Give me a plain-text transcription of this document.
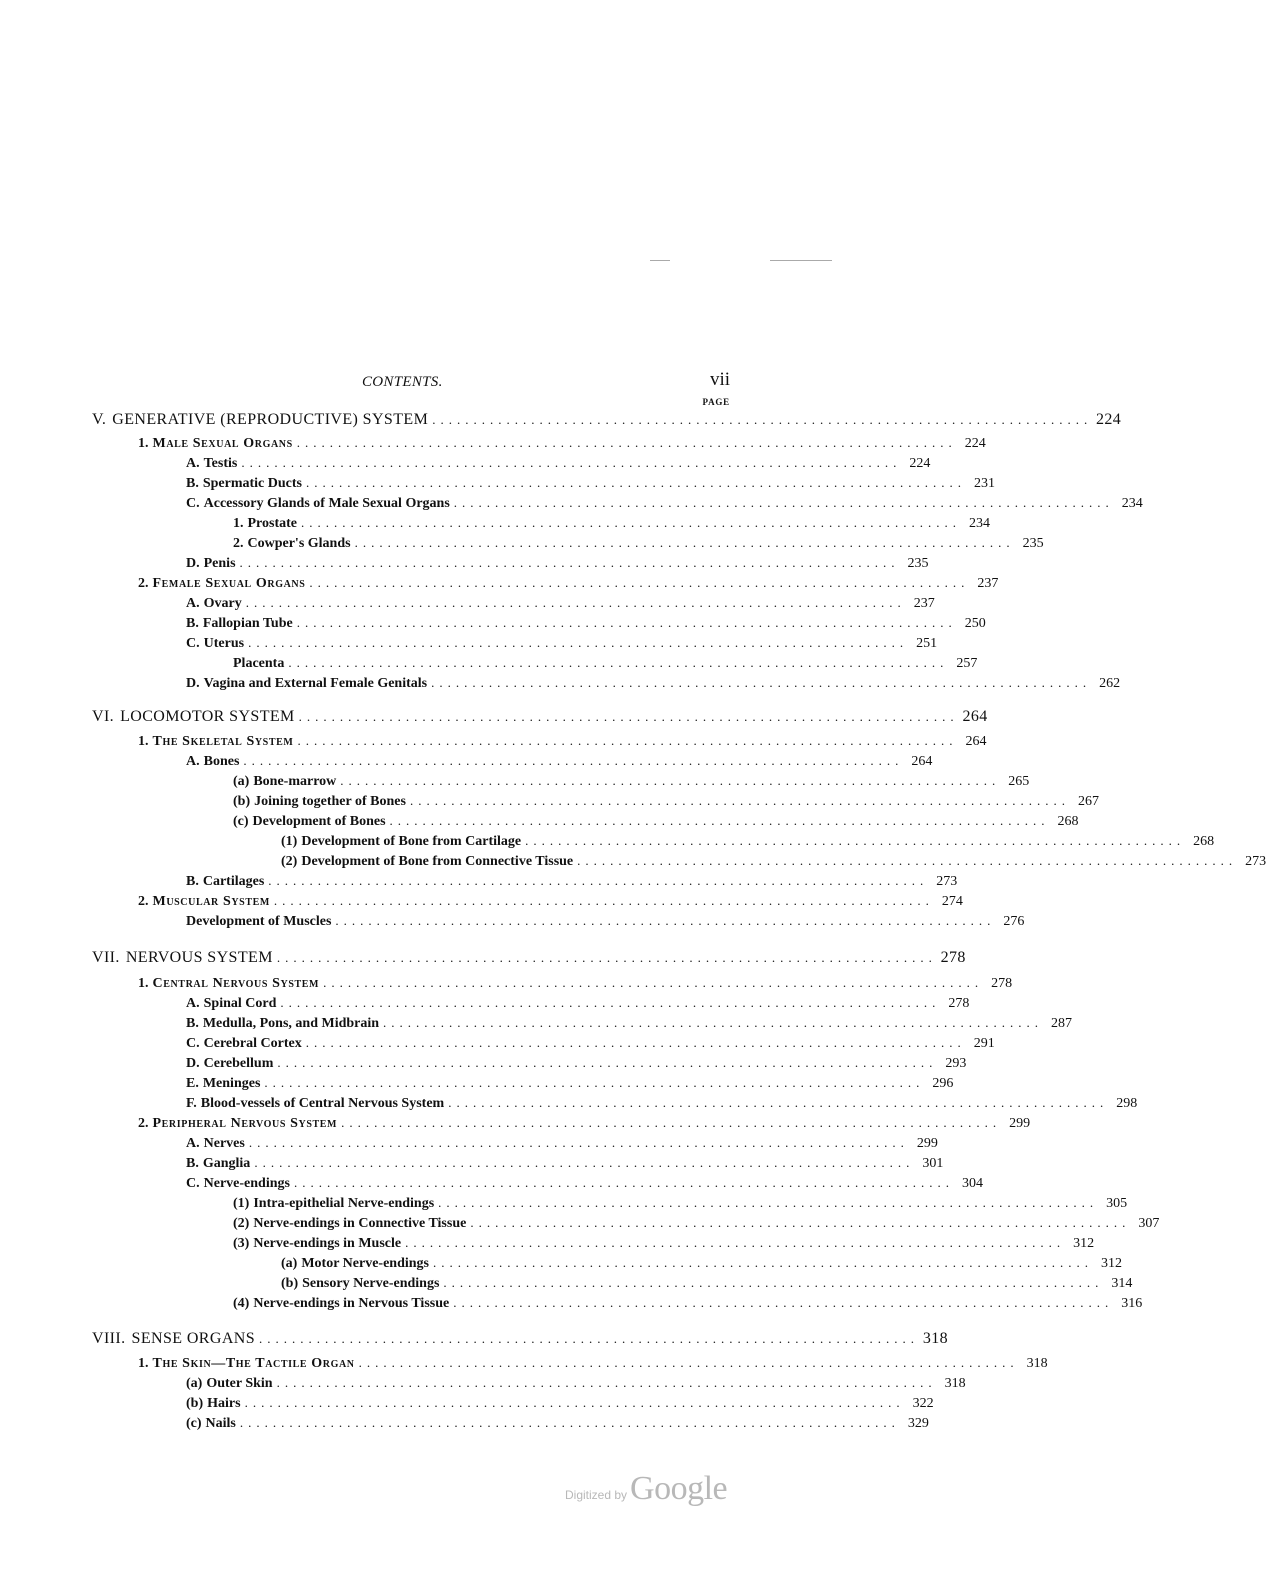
CONTENTS.	vii
PAGE
V. GENERATIVE (REPRODUCTIVE) SYSTEM ................................................................................ 224
1. Male Sexual Organs ................................................................................ 224
A. Testis ................................................................................ 224
B. Spermatic Ducts ................................................................................ 231
C. Accessory Glands of Male Sexual Organs ................................................................................ 234
1. Prostate ................................................................................ 234
2. Cowper's Glands ................................................................................ 235
D. Penis ................................................................................ 235
2. Female Sexual Organs ................................................................................ 237
A. Ovary ................................................................................ 237
B. Fallopian Tube ................................................................................ 250
C. Uterus ................................................................................ 251
Placenta ................................................................................ 257
D. Vagina and External Female Genitals ................................................................................ 262
VI. LOCOMOTOR SYSTEM ................................................................................ 264
1. The Skeletal System ................................................................................ 264
A. Bones ................................................................................ 264
(a) Bone-marrow ................................................................................ 265
(b) Joining together of Bones ................................................................................ 267
(c) Development of Bones ................................................................................ 268
(1) Development of Bone from Cartilage ................................................................................ 268
(2) Development of Bone from Connective Tissue ................................................................................ 273
B. Cartilages ................................................................................ 273
2. Muscular System ................................................................................ 274
Development of Muscles ................................................................................ 276
VII. NERVOUS SYSTEM ................................................................................ 278
1. Central Nervous System ................................................................................ 278
A. Spinal Cord ................................................................................ 278
B. Medulla, Pons, and Midbrain ................................................................................ 287
C. Cerebral Cortex ................................................................................ 291
D. Cerebellum ................................................................................ 293
E. Meninges ................................................................................ 296
F. Blood-vessels of Central Nervous System ................................................................................ 298
2. Peripheral Nervous System ................................................................................ 299
A. Nerves ................................................................................ 299
B. Ganglia ................................................................................ 301
C. Nerve-endings ................................................................................ 304
(1) Intra-epithelial Nerve-endings ................................................................................ 305
(2) Nerve-endings in Connective Tissue ................................................................................ 307
(3) Nerve-endings in Muscle ................................................................................ 312
(a) Motor Nerve-endings ................................................................................ 312
(b) Sensory Nerve-endings ................................................................................ 314
(4) Nerve-endings in Nervous Tissue ................................................................................ 316
VIII. SENSE ORGANS ................................................................................ 318
1. The Skin—The Tactile Organ ................................................................................ 318
(a) Outer Skin ................................................................................ 318
(b) Hairs ................................................................................ 322
(c) Nails ................................................................................ 329
Digitized by Google
